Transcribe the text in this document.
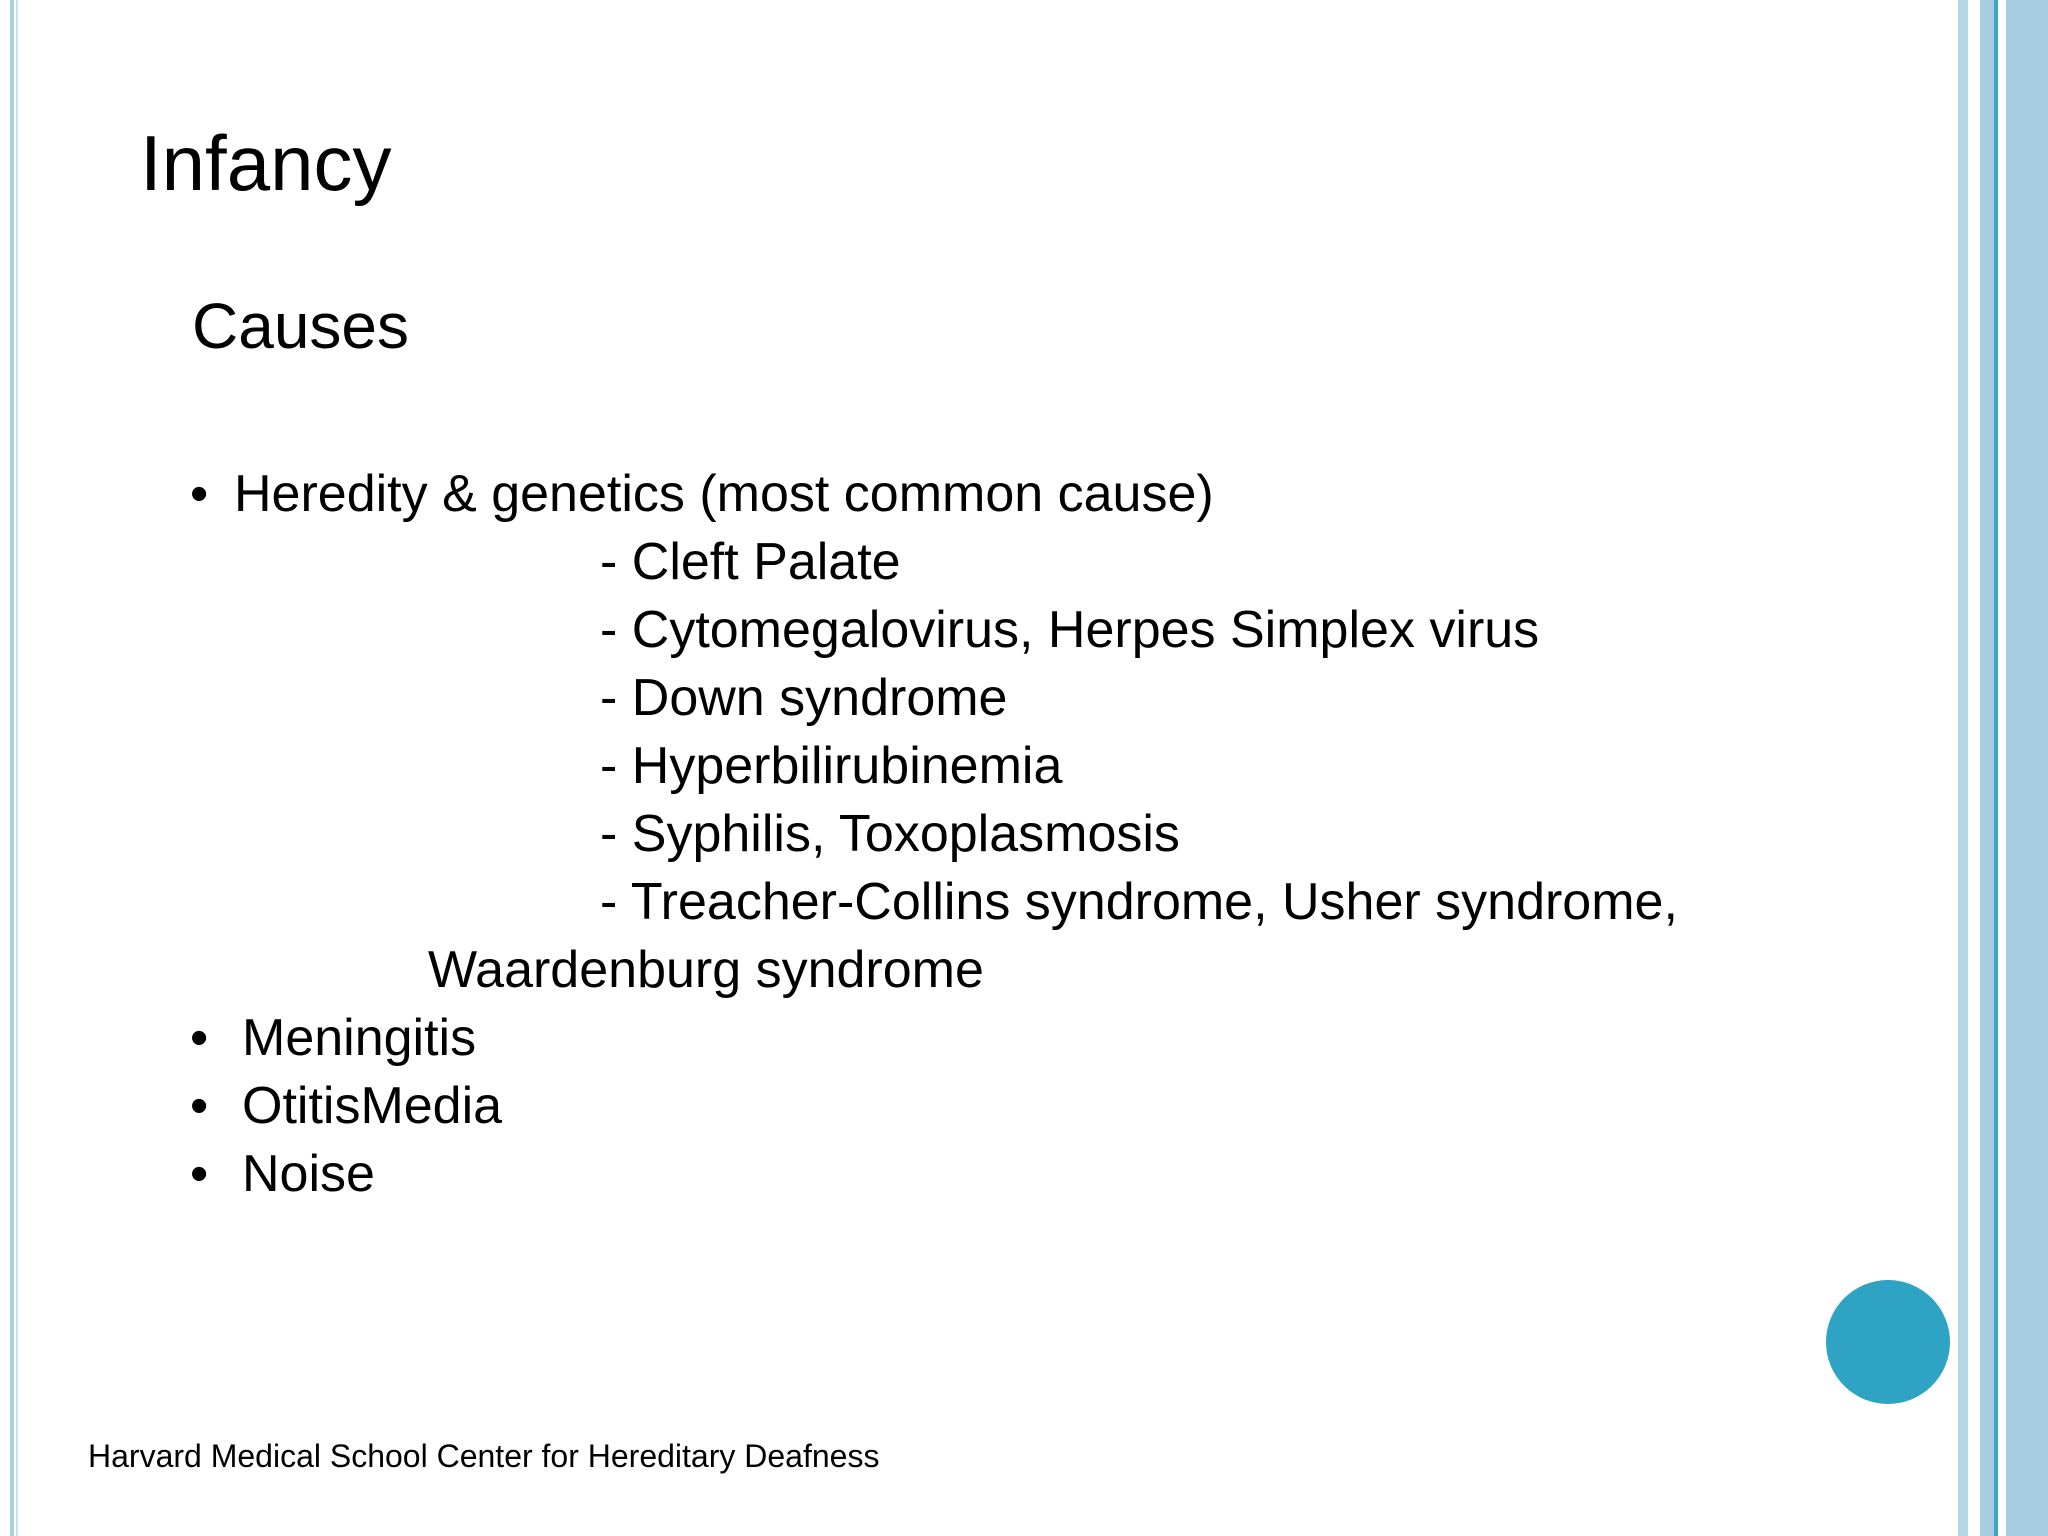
Infancy
Causes
• Heredity & genetics (most common cause)
- Cleft Palate
- Cytomegalovirus, Herpes Simplex virus
- Down syndrome
- Hyperbilirubinemia
- Syphilis, Toxoplasmosis
- Treacher-Collins syndrome, Usher syndrome,
Waardenburg syndrome
• Meningitis
• OtitisMedia
• Noise
Harvard Medical School Center for Hereditary Deafness
